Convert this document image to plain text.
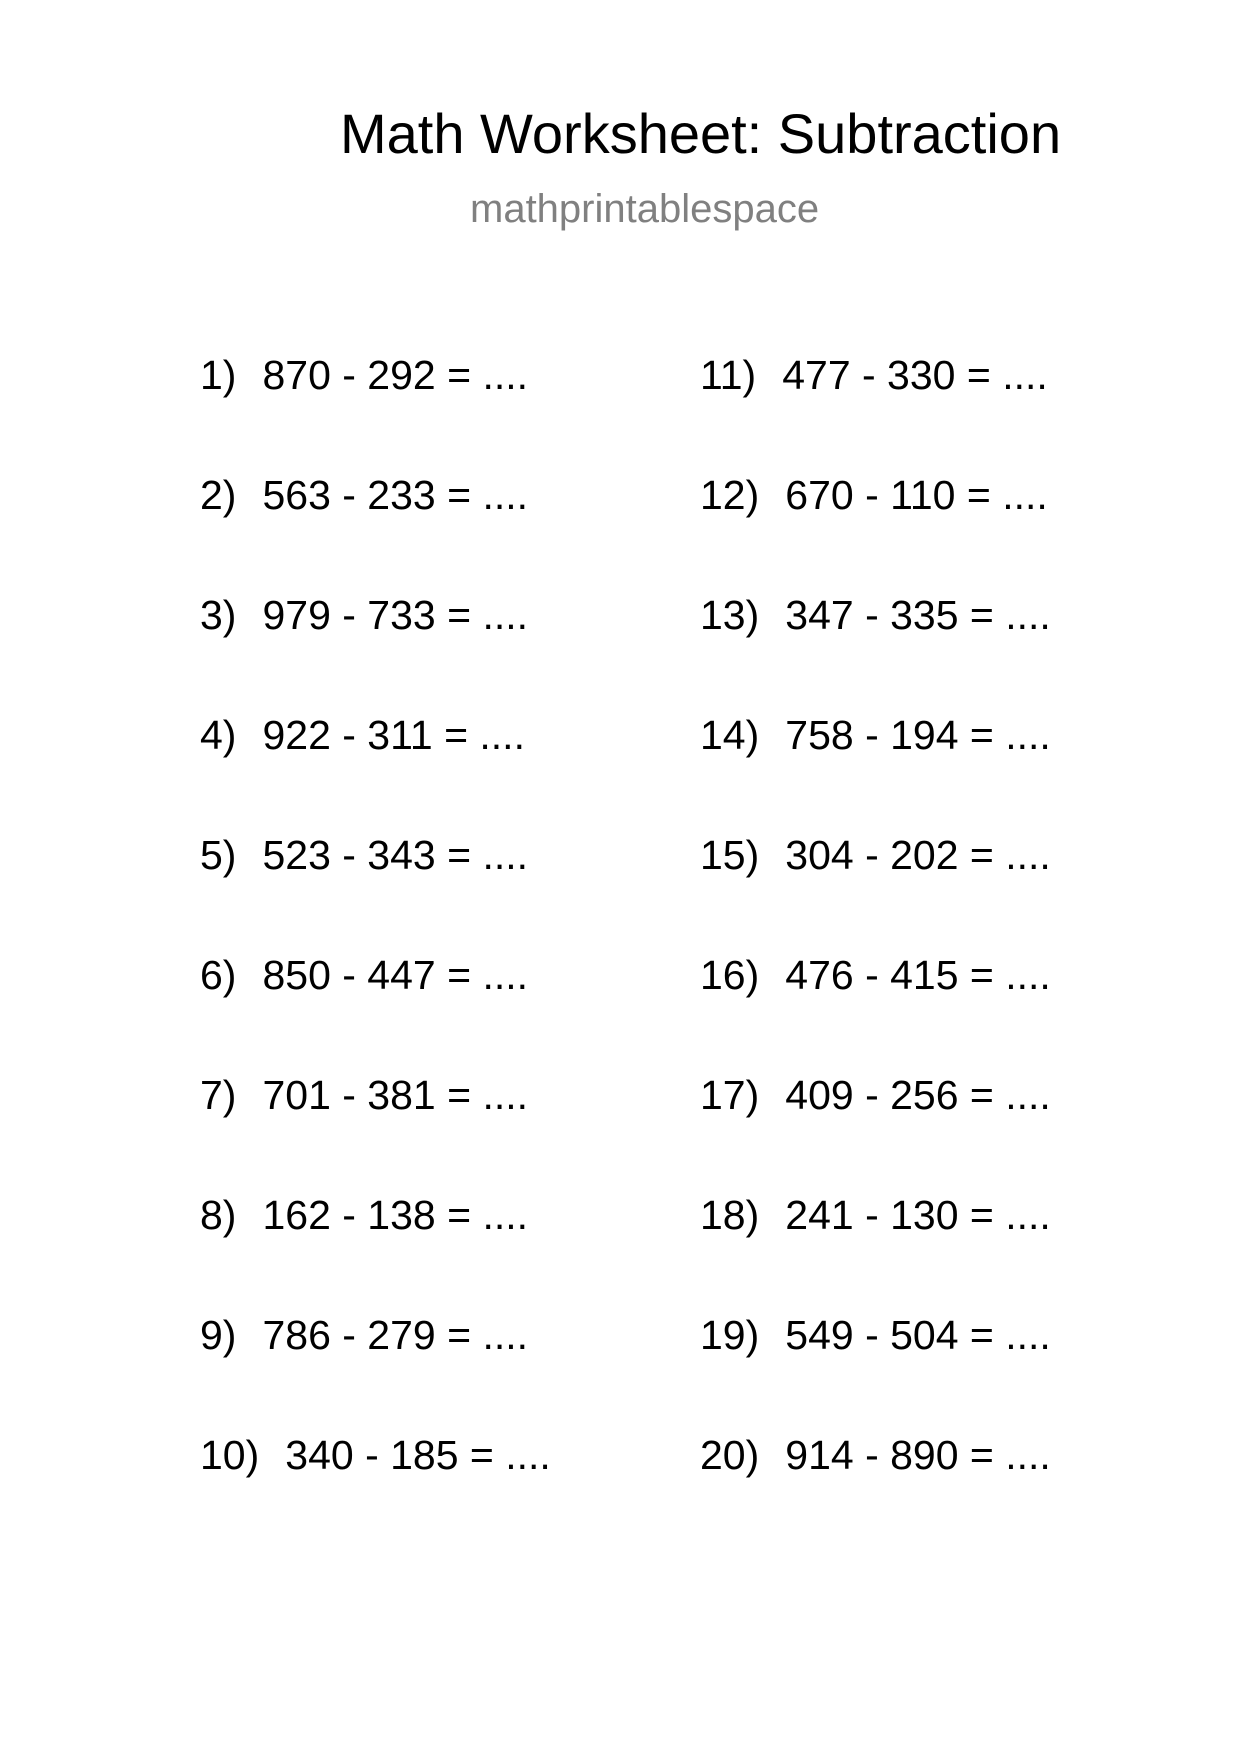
Math Worksheet: Subtraction
mathprintablespace
1) 870 - 292 = ....
2) 563 - 233 = ....
3) 979 - 733 = ....
4) 922 - 311 = ....
5) 523 - 343 = ....
6) 850 - 447 = ....
7) 701 - 381 = ....
8) 162 - 138 = ....
9) 786 - 279 = ....
10) 340 - 185 = ....
11) 477 - 330 = ....
12) 670 - 110 = ....
13) 347 - 335 = ....
14) 758 - 194 = ....
15) 304 - 202 = ....
16) 476 - 415 = ....
17) 409 - 256 = ....
18) 241 - 130 = ....
19) 549 - 504 = ....
20) 914 - 890 = ....
